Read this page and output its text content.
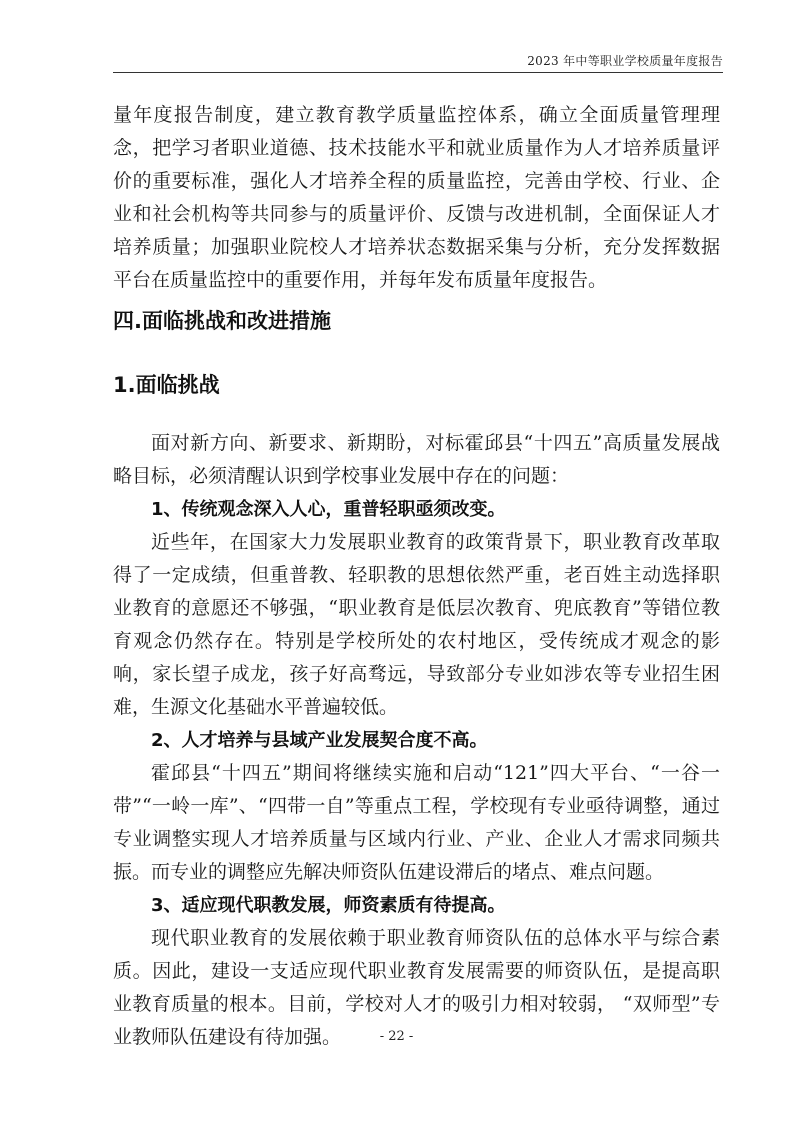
2023 年中等职业学校质量年度报告

量年度报告制度，建立教育教学质量监控体系，确立全面质量管理理念，把学习者职业道德、技术技能水平和就业质量作为人才培养质量评价的重要标准，强化人才培养全程的质量监控，完善由学校、行业、企业和社会机构等共同参与的质量评价、反馈与改进机制，全面保证人才培养质量；加强职业院校人才培养状态数据采集与分析，充分发挥数据平台在质量监控中的重要作用，并每年发布质量年度报告。

四.面临挑战和改进措施
1.面临挑战

面对新方向、新要求、新期盼，对标霍邱县“十四五”高质量发展战略目标，必须清醒认识到学校事业发展中存在的问题：

1、传统观念深入人心，重普轻职亟须改变。

近些年，在国家大力发展职业教育的政策背景下，职业教育改革取得了一定成绩，但重普教、轻职教的思想依然严重，老百姓主动选择职业教育的意愿还不够强，“职业教育是低层次教育、兜底教育”等错位教育观念仍然存在。特别是学校所处的农村地区，受传统成才观念的影响，家长望子成龙，孩子好高骛远，导致部分专业如涉农等专业招生困难，生源文化基础水平普遍较低。

2、人才培养与县域产业发展契合度不高。

霍邱县“十四五”期间将继续实施和启动“121”四大平台、“一谷一带”“一岭一库”、“四带一自”等重点工程，学校现有专业亟待调整，通过专业调整实现人才培养质量与区域内行业、产业、企业人才需求同频共振。而专业的调整应先解决师资队伍建设滞后的堵点、难点问题。

3、适应现代职教发展，师资素质有待提高。

现代职业教育的发展依赖于职业教育师资队伍的总体水平与综合素质。因此，建设一支适应现代职业教育发展需要的师资队伍，是提高职业教育质量的根本。目前，学校对人才的吸引力相对较弱， “双师型”专业教师队伍建设有待加强。	- 22 -
